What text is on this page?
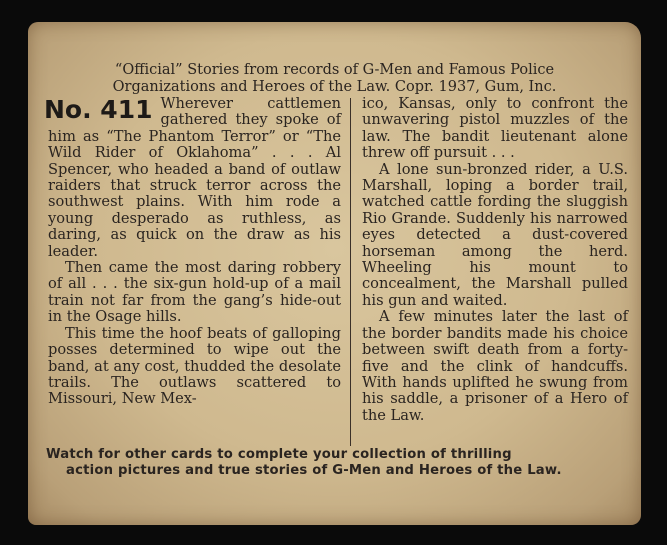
“Official” Stories from records of G-Men and Famous Police
Organizations and Heroes of the Law. Copr. 1937, Gum, Inc.
No. 411 Wherever cattlemen gathered they spoke of him as “The Phantom Terror” or “The Wild Rider of Oklahoma” . . . Al Spencer, who headed a band of outlaw raiders that struck terror across the southwest plains. With him rode a young desperado as ruthless, as daring, as quick on the draw as his leader.

Then came the most daring robbery of all . . . the six-gun hold-up of a mail train not far from the gang’s hide-out in the Osage hills.

This time the hoof beats of galloping posses determined to wipe out the band, at any cost, thudded the desolate trails. The outlaws scattered to Missouri, New Mex-

ico, Kansas, only to confront the unwavering pistol muzzles of the law. The bandit lieutenant alone threw off pursuit . . .

A lone sun-bronzed rider, a U.S. Marshall, loping a border trail, watched cattle fording the sluggish Rio Grande. Suddenly his narrowed eyes detected a dust-covered horseman among the herd. Wheeling his mount to concealment, the Marshall pulled his gun and waited.

A few minutes later the last of the border bandits made his choice between swift death from a forty-five and the clink of handcuffs. With hands uplifted he swung from his saddle, a prisoner of a Hero of the Law.

Watch for other cards to complete your collection of thrilling
action pictures and true stories of G-Men and Heroes of the Law.
